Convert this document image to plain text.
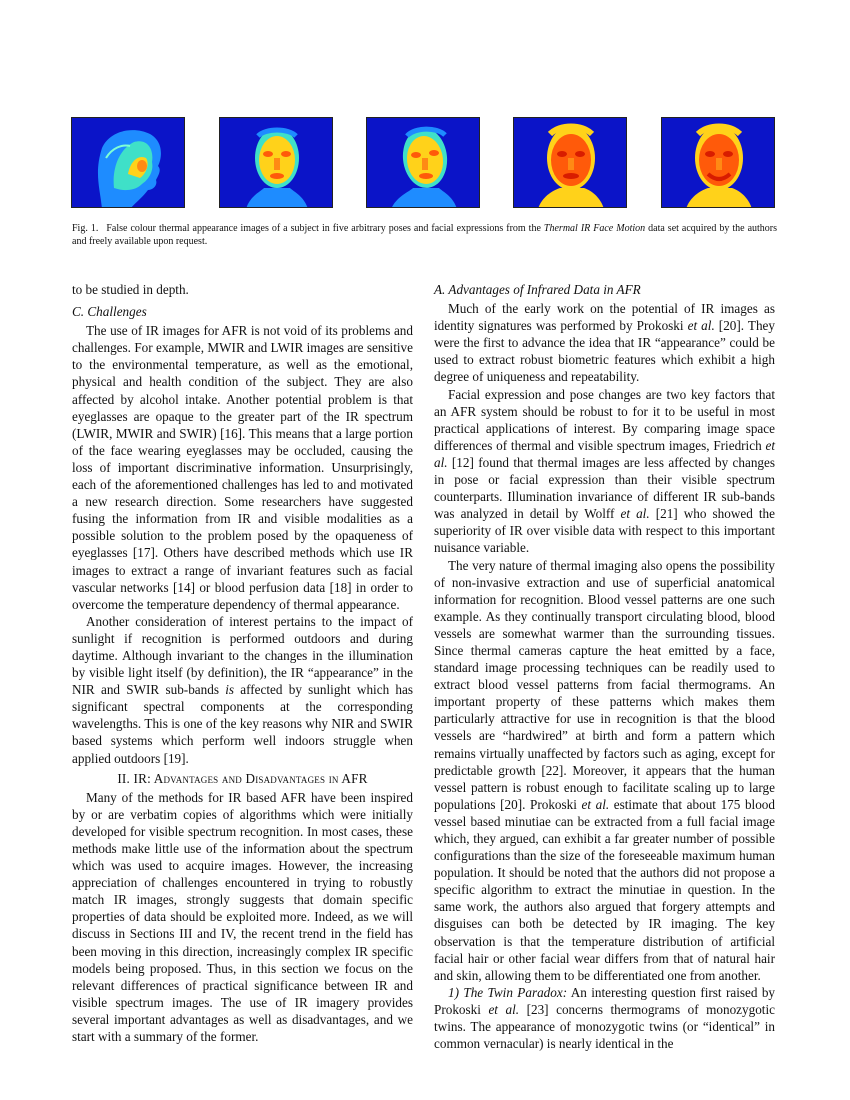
Fig. 1. False colour thermal appearance images of a subject in five arbitrary poses and facial expressions from the Thermal IR Face Motion data set acquired by the authors and freely available upon request.

to be studied in depth.

C. Challenges

The use of IR images for AFR is not void of its problems and challenges. For example, MWIR and LWIR images are sensitive to the environmental temperature, as well as the emotional, physical and health condition of the subject. They are also affected by alcohol intake. Another potential problem is that eyeglasses are opaque to the greater part of the IR spectrum (LWIR, MWIR and SWIR) [16]. This means that a large portion of the face wearing eyeglasses may be occluded, causing the loss of important discriminative information. Unsurprisingly, each of the aforementioned challenges has led to and motivated a new research direction. Some researchers have suggested fusing the information from IR and visible modalities as a possible solution to the problem posed by the opaqueness of eyeglasses [17]. Others have described methods which use IR images to extract a range of invariant features such as facial vascular networks [14] or blood perfusion data [18] in order to overcome the temperature dependency of thermal appearance.

Another consideration of interest pertains to the impact of sunlight if recognition is performed outdoors and during daytime. Although invariant to the changes in the illumination by visible light itself (by definition), the IR “appearance” in the NIR and SWIR sub-bands is affected by sunlight which has significant spectral components at the corresponding wavelengths. This is one of the key reasons why NIR and SWIR based systems which perform well indoors struggle when applied outdoors [19].

II. IR: Advantages and Disadvantages in AFR

Many of the methods for IR based AFR have been inspired by or are verbatim copies of algorithms which were initially developed for visible spectrum recognition. In most cases, these methods make little use of the information about the spectrum which was used to acquire images. However, the increasing appreciation of challenges encountered in trying to robustly match IR images, strongly suggests that domain specific properties of data should be exploited more. Indeed, as we will discuss in Sections III and IV, the recent trend in the field has been moving in this direction, increasingly complex IR specific models being proposed. Thus, in this section we focus on the relevant differences of practical significance between IR and visible spectrum images. The use of IR imagery provides several important advantages as well as disadvantages, and we start with a summary of the former.

A. Advantages of Infrared Data in AFR

Much of the early work on the potential of IR images as identity signatures was performed by Prokoski et al. [20]. They were the first to advance the idea that IR “appearance” could be used to extract robust biometric features which exhibit a high degree of uniqueness and repeatability.

Facial expression and pose changes are two key factors that an AFR system should be robust to for it to be useful in most practical applications of interest. By comparing image space differences of thermal and visible spectrum images, Friedrich et al. [12] found that thermal images are less affected by changes in pose or facial expression than their visible spectrum counterparts. Illumination invariance of different IR sub-bands was analyzed in detail by Wolff et al. [21] who showed the superiority of IR over visible data with respect to this important nuisance variable.

The very nature of thermal imaging also opens the possibility of non-invasive extraction and use of superficial anatomical information for recognition. Blood vessel patterns are one such example. As they continually transport circulating blood, blood vessels are somewhat warmer than the surrounding tissues. Since thermal cameras capture the heat emitted by a face, standard image processing techniques can be readily used to extract blood vessel patterns from facial thermograms. An important property of these patterns which makes them particularly attractive for use in recognition is that the blood vessels are “hardwired” at birth and form a pattern which remains virtually unaffected by factors such as aging, except for predictable growth [22]. Moreover, it appears that the human vessel pattern is robust enough to facilitate scaling up to large populations [20]. Prokoski et al. estimate that about 175 blood vessel based minutiae can be extracted from a full facial image which, they argued, can exhibit a far greater number of possible configurations than the size of the foreseeable maximum human population. It should be noted that the authors did not propose a specific algorithm to extract the minutiae in question. In the same work, the authors also argued that forgery attempts and disguises can both be detected by IR imaging. The key observation is that the temperature distribution of artificial facial hair or other facial wear differs from that of natural hair and skin, allowing them to be differentiated one from another.

1) The Twin Paradox: An interesting question first raised by Prokoski et al. [23] concerns thermograms of monozygotic twins. The appearance of monozygotic twins (or “identical” in common vernacular) is nearly identical in the
